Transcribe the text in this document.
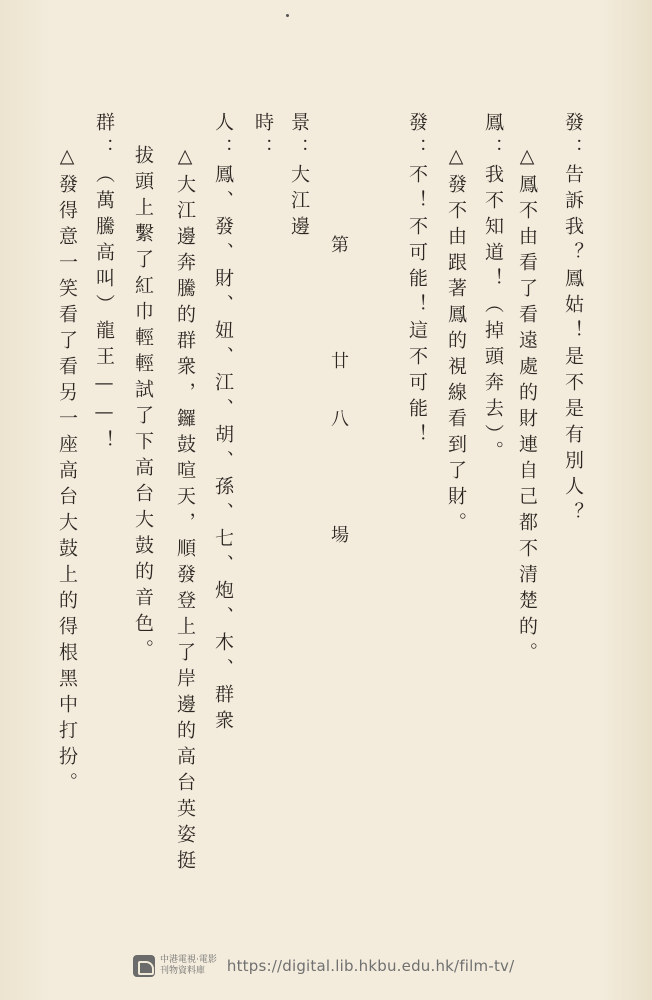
發：告訴我？鳳姑！是不是有別人？
△鳳不由看了看遠處的財連自己都不清楚的。
鳳：我不知道！（掉頭奔去）。
△發不由跟著鳳的視線看到了財。
發：不！不可能！這不可能！
第　廿八　場
景：大江邊
時：
人：鳳、發、財、妞、江、胡、孫、七、炮、木、群衆
△大江邊奔騰的群衆，鑼鼓喧天，順發登上了岸邊的高台英姿挺
拔頭上繫了紅巾輕輕試了下高台大鼓的音色。
群：（萬騰高叫）龍王——！
△發得意一笑看了看另一座高台大鼓上的得根黑中打扮。
中港電視·電影
刊物資料庫	https://digital.lib.hkbu.edu.hk/film-tv/
